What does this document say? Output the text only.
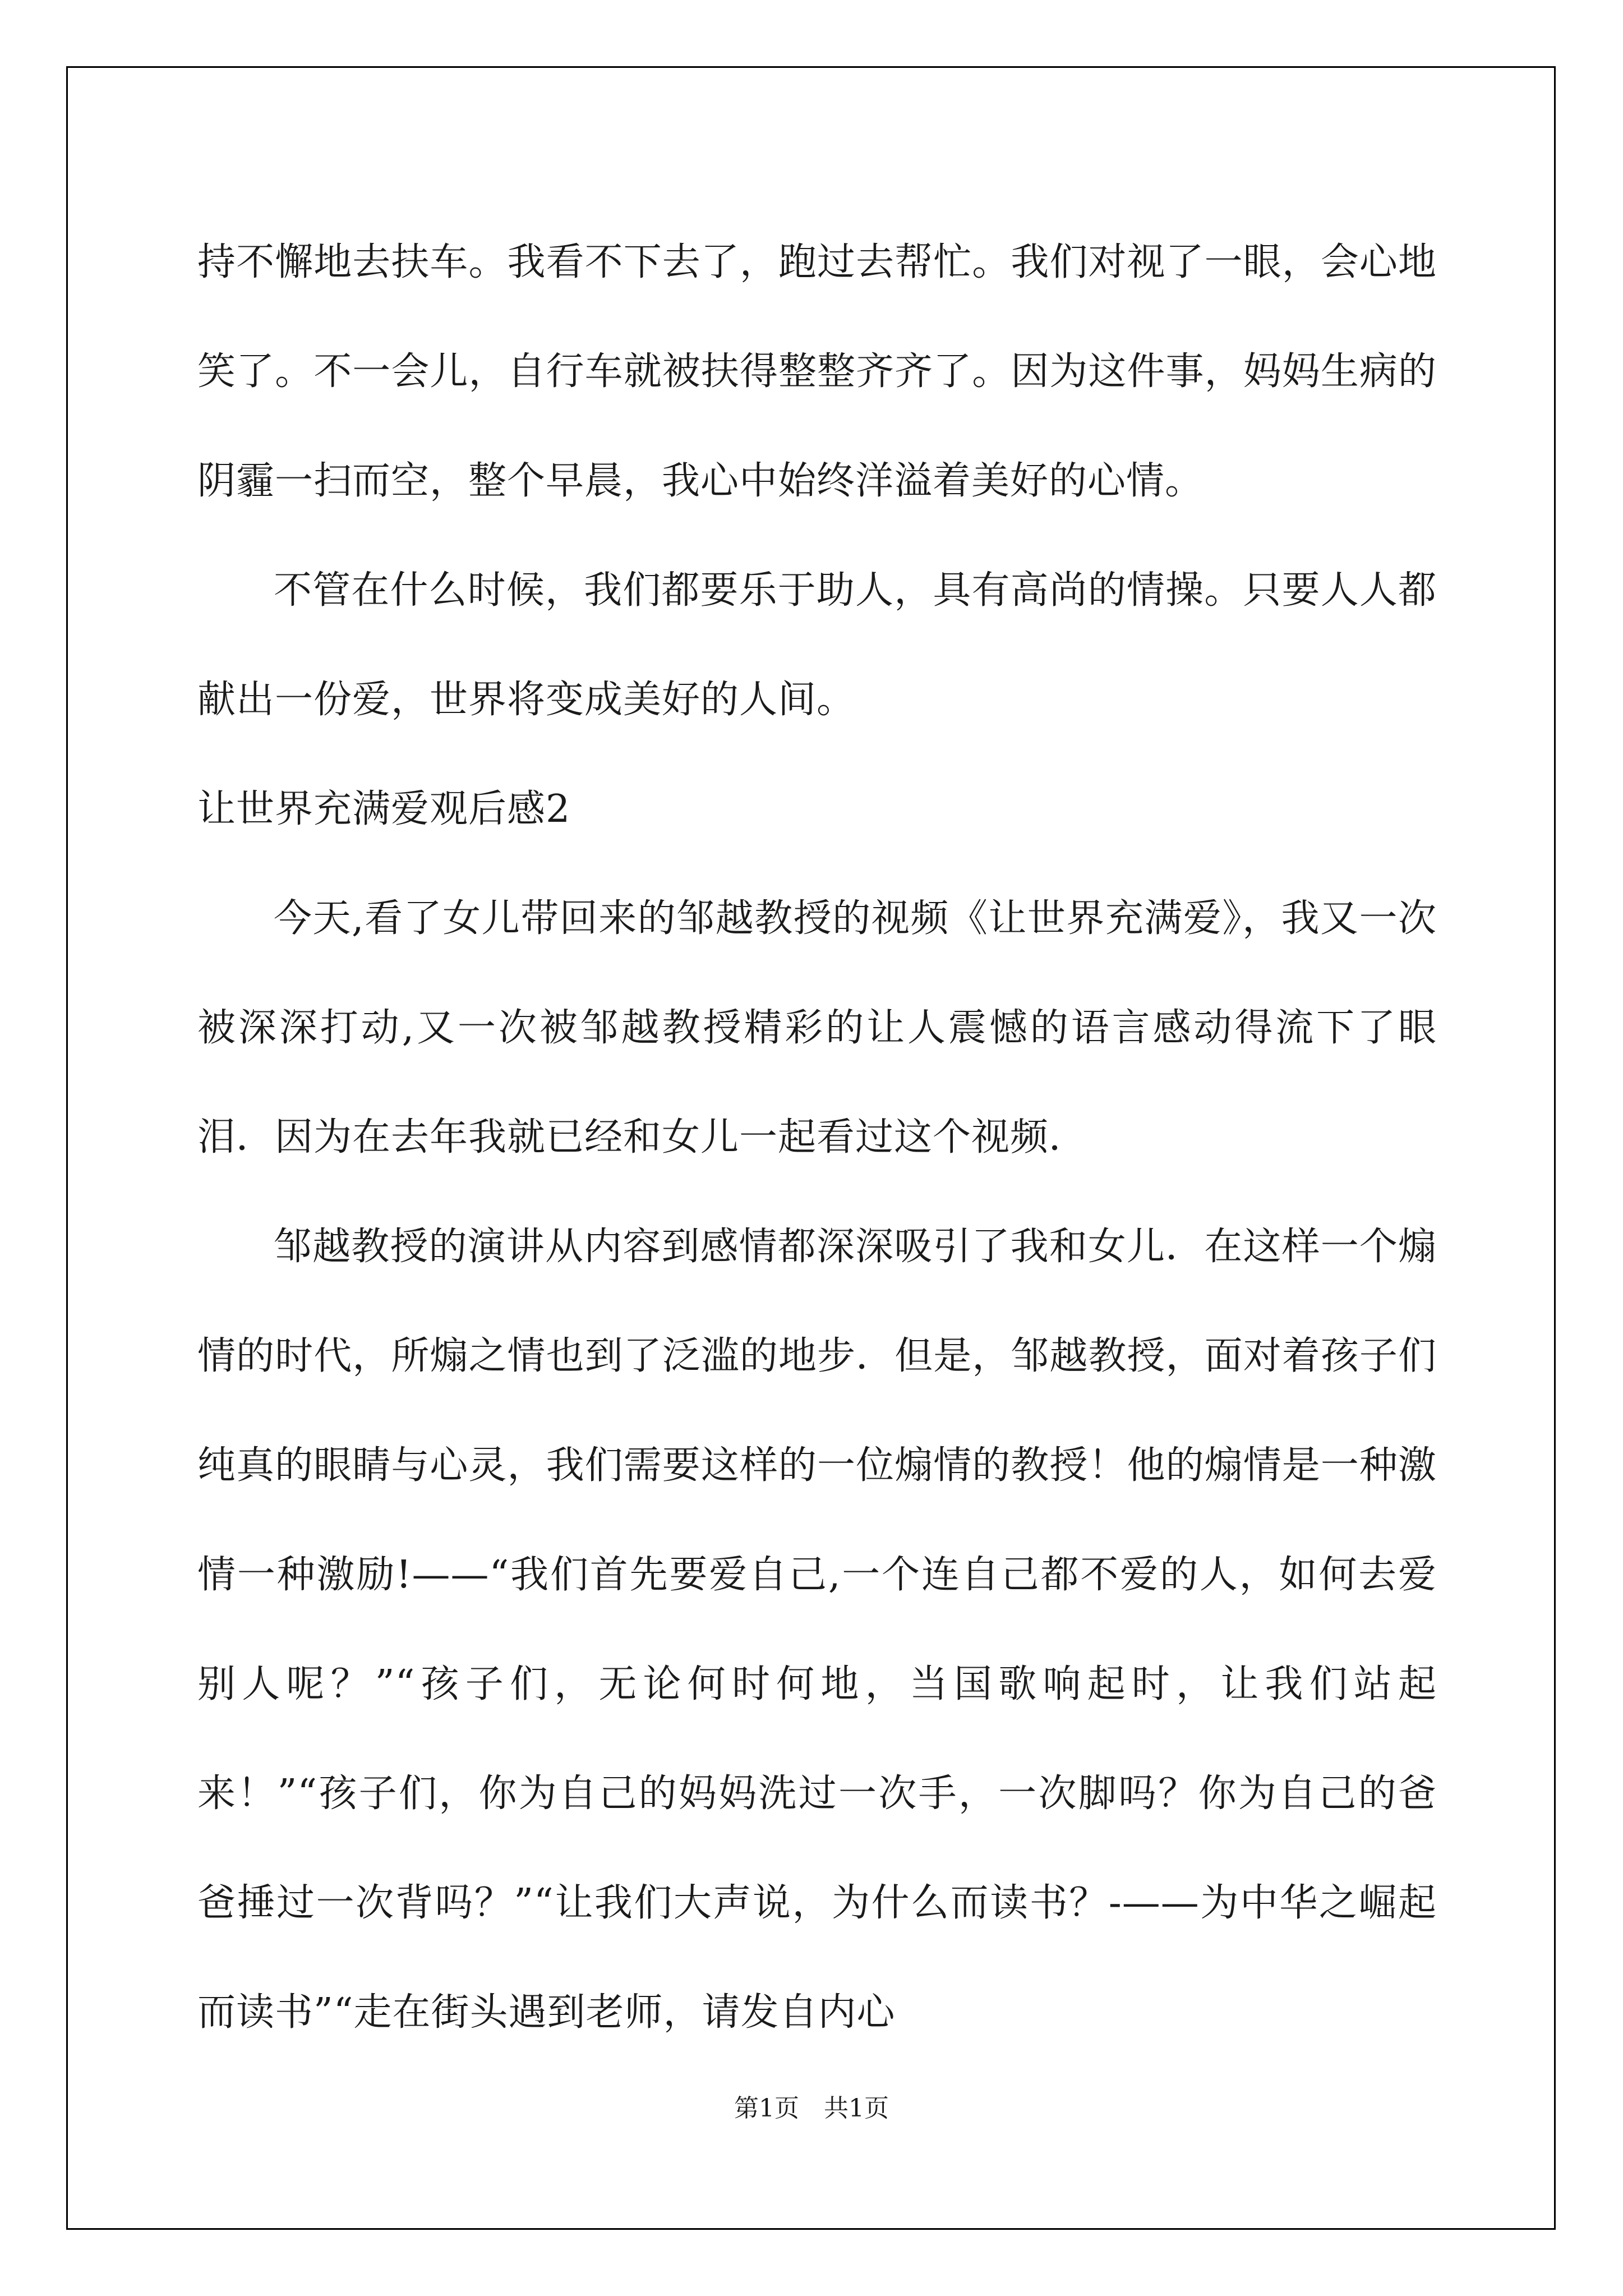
持不懈地去扶车。我看不下去了，跑过去帮忙。我们对视了一眼，会心地笑了。不一会儿，自行车就被扶得整整齐齐了。因为这件事，妈妈生病的阴霾一扫而空，整个早晨，我心中始终洋溢着美好的心情。

不管在什么时候，我们都要乐于助人，具有高尚的情操。只要人人都献出一份爱，世界将变成美好的人间。

让世界充满爱观后感2

今天,看了女儿带回来的邹越教授的视频《让世界充满爱》，我又一次被深深打动,又一次被邹越教授精彩的让人震憾的语言感动得流下了眼泪．因为在去年我就已经和女儿一起看过这个视频．

邹越教授的演讲从内容到感情都深深吸引了我和女儿．在这样一个煽情的时代，所煽之情也到了泛滥的地步．但是，邹越教授，面对着孩子们纯真的眼睛与心灵，我们需要这样的一位煽情的教授！他的煽情是一种激情一种激励!——“我们首先要爱自己,一个连自己都不爱的人，如何去爱别人呢？”“孩子们，无论何时何地，当国歌响起时，让我们站起来！”“孩子们，你为自己的妈妈洗过一次手，一次脚吗？你为自己的爸爸捶过一次背吗？”“让我们大声说，为什么而读书？-——为中华之崛起而读书”“走在街头遇到老师，请发自内心

第1页　共1页
